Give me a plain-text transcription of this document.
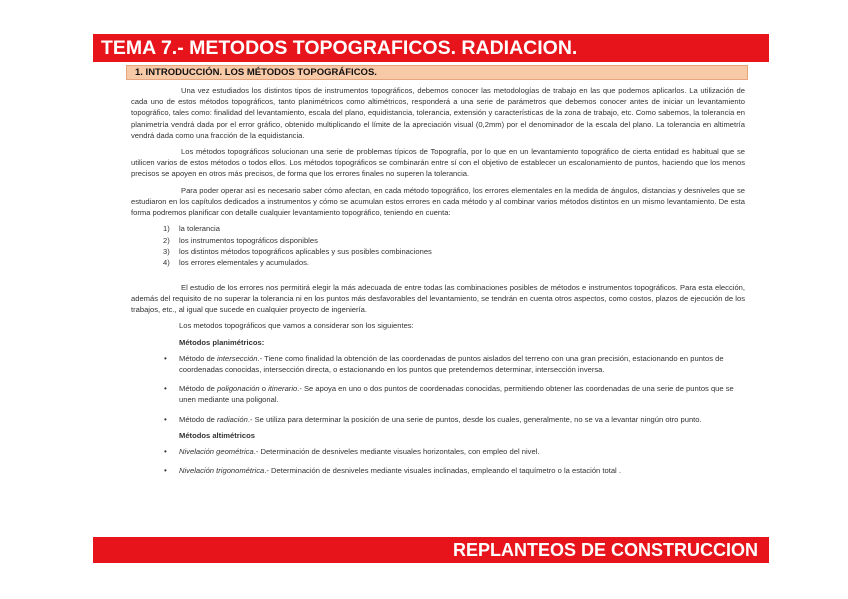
TEMA 7.- METODOS TOPOGRAFICOS. RADIACION.
1. INTRODUCCIÓN. LOS MÉTODOS TOPOGRÁFICOS.

Una vez estudiados los distintos tipos de instrumentos topográficos, debemos conocer las metodologías de trabajo en las que podemos aplicarlos. La utilización de cada uno de estos métodos topográficos, tanto planimétricos como altimétricos, responderá a una serie de parámetros que debemos conocer antes de iniciar un levantamiento topográfico, tales como: finalidad del levantamiento, escala del plano, equidistancia, tolerancia, extensión y características de la zona de trabajo, etc. Como sabemos, la tolerancia en planimetría vendrá dada por el error gráfico, obtenido multiplicando el límite de la apreciación visual (0,2mm) por el denominador de la escala del plano. La tolerancia en altimetría vendrá dada como una fracción de la equidistancia.

Los métodos topográficos solucionan una serie de problemas típicos de Topografía, por lo que en un levantamiento topográfico de cierta entidad es habitual que se utilicen varios de estos métodos o todos ellos. Los métodos topográficos se combinarán entre sí con el objetivo de establecer un escalonamiento de puntos, haciendo que los menos precisos se apoyen en otros más precisos, de forma que los errores finales no superen la tolerancia.

Para poder operar así es necesario saber cómo afectan, en cada método topográfico, los errores elementales en la medida de ángulos, distancias y desniveles que se estudiaron en los capítulos dedicados a instrumentos y cómo se acumulan estos errores en cada método y al combinar varios métodos distintos en un mismo levantamiento. De esta forma podremos planificar con detalle cualquier levantamiento topográfico, teniendo en cuenta:

1) la tolerancia
2) los instrumentos topográficos disponibles
3) los distintos métodos topográficos aplicables y sus posibles combinaciones
4) los errores elementales y acumulados.

El estudio de los errores nos permitirá elegir la más adecuada de entre todas las combinaciones posibles de métodos e instrumentos topográficos. Para esta elección, además del requisito de no superar la tolerancia ni en los puntos más desfavorables del levantamiento, se tendrán en cuenta otros aspectos, como costos, plazos de ejecución de los trabajos, etc., al igual que sucede en cualquier proyecto de ingeniería.

Los metodos topográficos que vamos a considerar son los siguientes:

Métodos planimétricos:

• Método de intersección.- Tiene como finalidad la obtención de las coordenadas de puntos aislados del terreno con una gran precisión, estacionando en puntos de coordenadas conocidas, intersección directa, o estacionando en los puntos que pretendemos determinar, intersección inversa.
• Método de poligonación o itinerario.- Se apoya en uno o dos puntos de coordenadas conocidas, permitiendo obtener las coordenadas de una serie de puntos que se unen mediante una poligonal.
• Método de radiación.- Se utiliza para determinar la posición de una serie de puntos, desde los cuales, generalmente, no se va a levantar ningún otro punto.

Métodos altimétricos

• Nivelación geométrica.- Determinación de desniveles mediante visuales horizontales, con empleo del nivel.
• Nivelación trigonométrica.- Determinación de desniveles mediante visuales inclinadas, empleando el taquímetro o la estación total .
REPLANTEOS DE CONSTRUCCION
